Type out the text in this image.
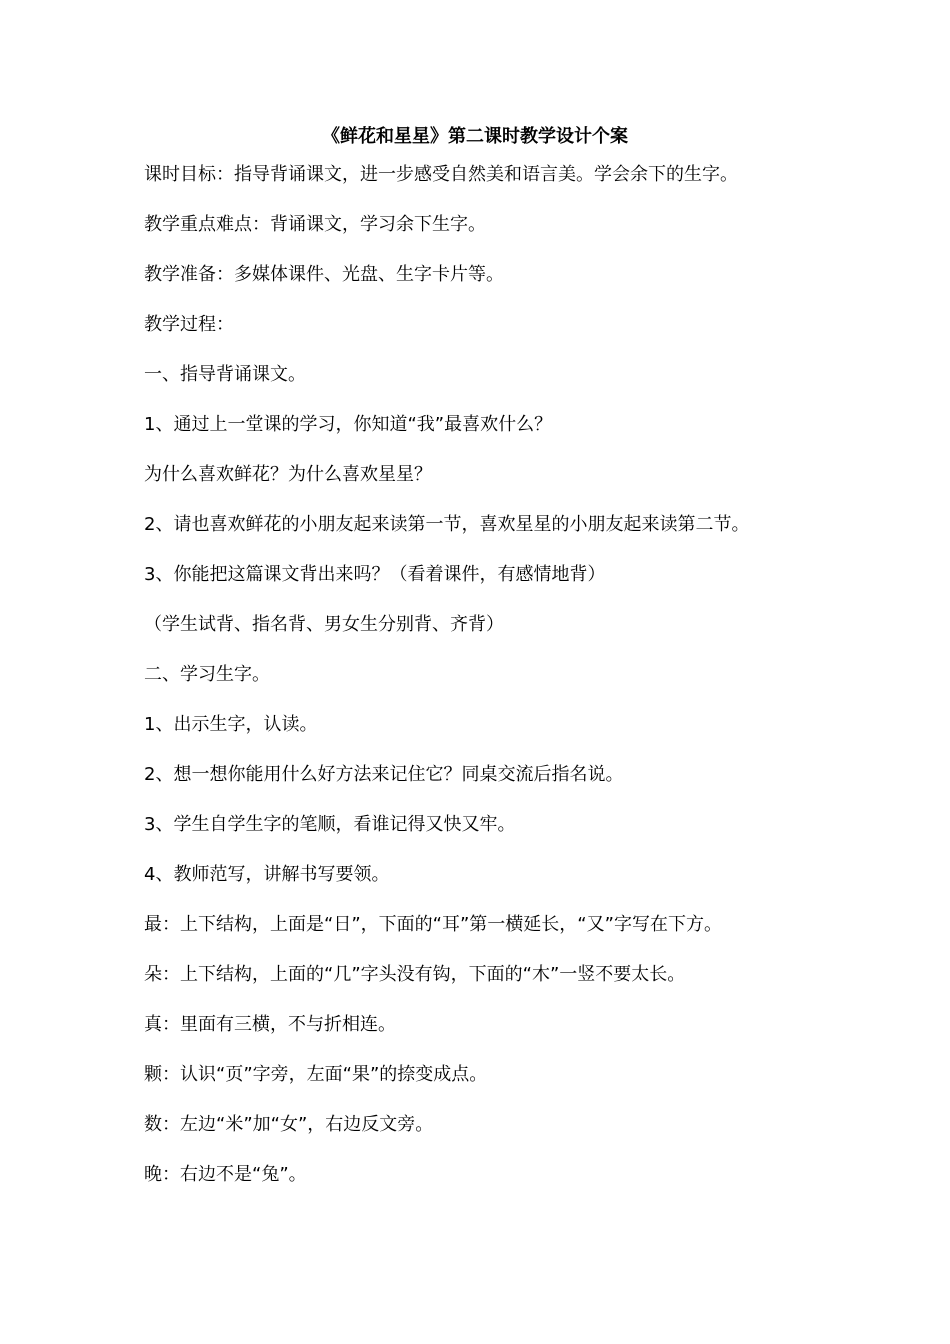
《鲜花和星星》第二课时教学设计个案
课时目标：指导背诵课文，进一步感受自然美和语言美。学会余下的生字。
教学重点难点：背诵课文，学习余下生字。
教学准备：多媒体课件、光盘、生字卡片等。
教学过程：
一、指导背诵课文。
1、通过上一堂课的学习，你知道“我”最喜欢什么？
为什么喜欢鲜花？为什么喜欢星星？
2、请也喜欢鲜花的小朋友起来读第一节，喜欢星星的小朋友起来读第二节。
3、你能把这篇课文背出来吗？（看着课件，有感情地背）
（学生试背、指名背、男女生分别背、齐背）
二、学习生字。
1、出示生字，认读。
2、想一想你能用什么好方法来记住它？同桌交流后指名说。
3、学生自学生字的笔顺，看谁记得又快又牢。
4、教师范写，讲解书写要领。
最：上下结构，上面是“日”，下面的“耳”第一横延长，“又”字写在下方。
朵：上下结构，上面的“几”字头没有钩，下面的“木”一竖不要太长。
真：里面有三横，不与折相连。
颗：认识“页”字旁，左面“果”的捺变成点。
数：左边“米”加“女”，右边反文旁。
晚：右边不是“兔”。
